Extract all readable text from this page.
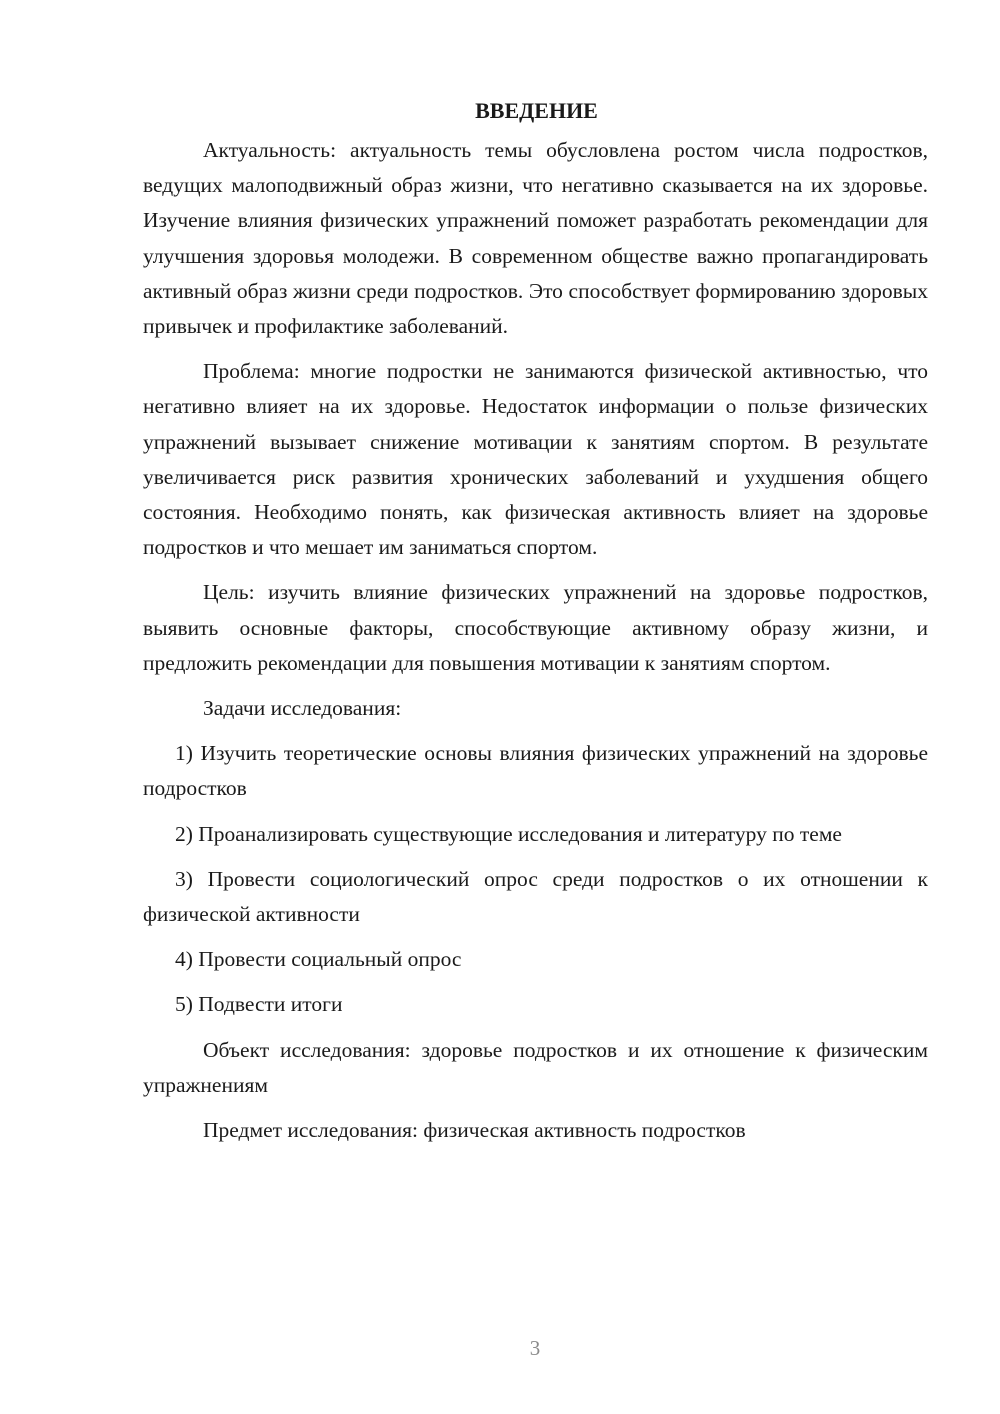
ВВЕДЕНИЕ

Актуальность: актуальность темы обусловлена ростом числа подростков, ведущих малоподвижный образ жизни, что негативно сказывается на их здоровье. Изучение влияния физических упражнений поможет разработать рекомендации для улучшения здоровья молодежи. В современном обществе важно пропагандировать активный образ жизни среди подростков. Это способствует формированию здоровых привычек и профилактике заболеваний.

Проблема: многие подростки не занимаются физической активностью, что негативно влияет на их здоровье. Недостаток информации о пользе физических упражнений вызывает снижение мотивации к занятиям спортом. В результате увеличивается риск развития хронических заболеваний и ухудшения общего состояния. Необходимо понять, как физическая активность влияет на здоровье подростков и что мешает им заниматься спортом.

Цель: изучить влияние физических упражнений на здоровье подростков, выявить основные факторы, способствующие активному образу жизни, и предложить рекомендации для повышения мотивации к занятиям спортом.

Задачи исследования:

1) Изучить теоретические основы влияния физических упражнений на здоровье подростков

2) Проанализировать существующие исследования и литературу по теме

3) Провести социологический опрос среди подростков о их отношении к физической активности

4) Провести социальный опрос

5) Подвести итоги

Объект исследования: здоровье подростков и их отношение к физическим упражнениям

Предмет исследования: физическая активность подростков

3
